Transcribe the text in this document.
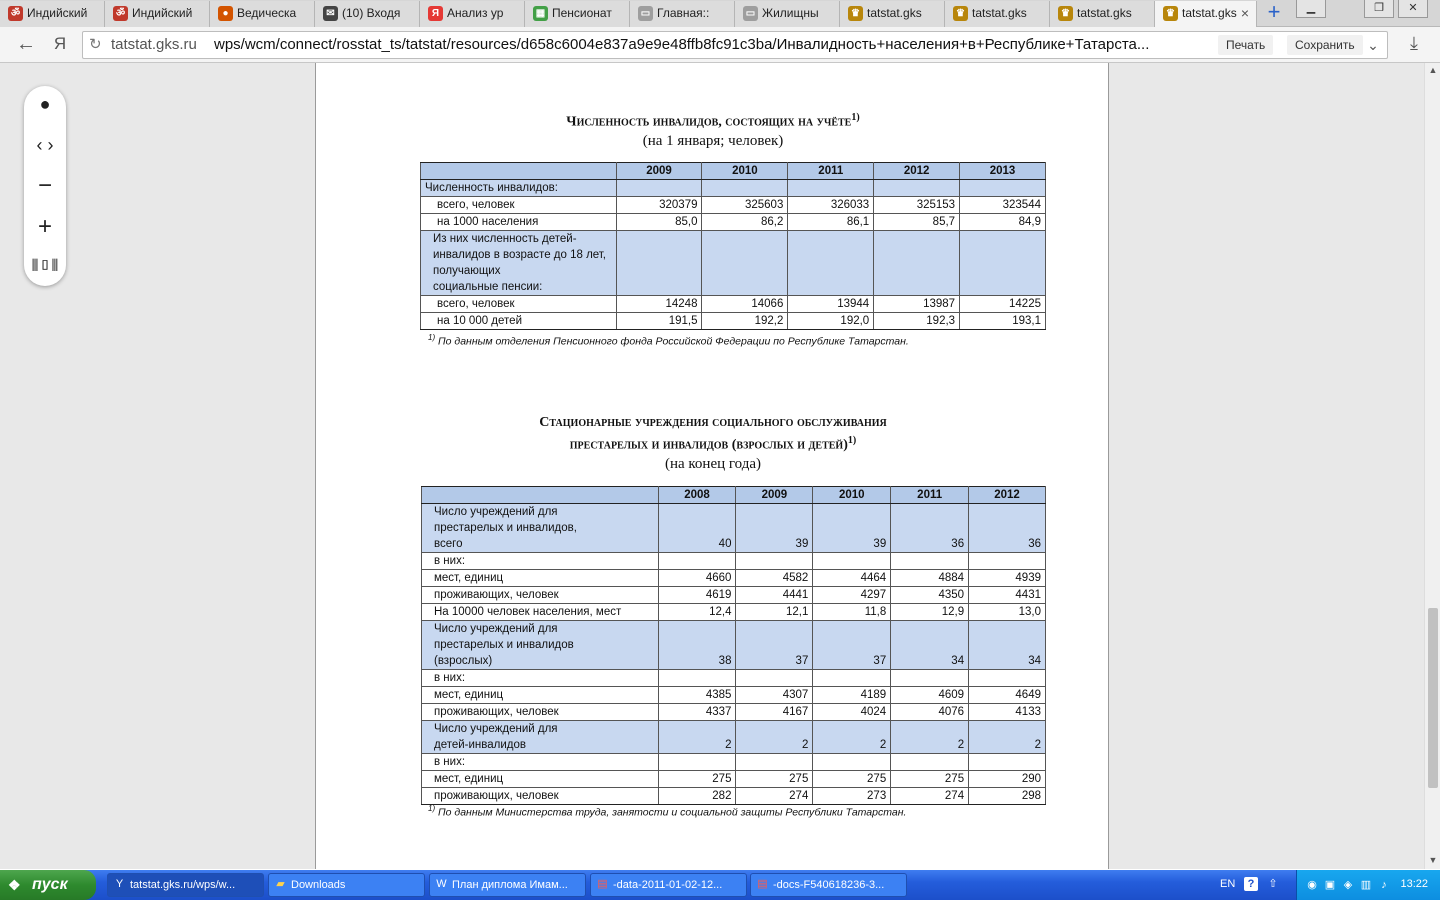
ॐ Индийский	ॐ Индийский	● Ведическа	✉ (10) Входя	Я Анализ ур	▦ Пенсионат	▭ Главная::	▭ Жилищны	♛ tatstat.gks	♛ tatstat.gks	♛ tatstat.gks	♛ tatstat.gks × +	▁	❐	✕
←	Я	↻ tatstat.gks.ru wps/wcm/connect/rosstat_ts/tatstat/resources/d658c6004e837a9e9e48ffb8fc91c3ba/Инвалидность+населения+в+Республике+Татарста...	Печать	Сохранить ⌄	⤓
Численность инвалидов, состоящих на учёте$^{1)}$
(на 1 января; человек)
	2009	2010	2011	2012	2013

Численность инвалидов:					

всего, человек	320379	325603	326033	325153	323544

на 1000 населения	85,0	86,2	86,1	85,7	84,9

Из них численность детей-
инвалидов в возрасте до 18 лет,
получающих
социальные пенсии:					

всего, человек	14248	14066	13944	13987	14225

на 10 000 детей	191,5	192,2	192,0	192,3	193,1
$^{1)}$ По данным отделения Пенсионного фонда Российской Федерации по Республике Татарстан.
Стационарные учреждения социального обслуживания
престарелых и инвалидов (взрослых и детей)$^{1)}$
(на конец года)
	2008	2009	2010	2011	2012

Число учреждений для
престарелых и инвалидов,
всего	40	39	39	36	36

в них:					

мест, единиц	4660	4582	4464	4884	4939

проживающих, человек	4619	4441	4297	4350	4431

На 10000 человек населения, мест	12,4	12,1	11,8	12,9	13,0

Число учреждений для
престарелых и инвалидов
(взрослых)	38	37	37	34	34

в них:					

мест, единиц	4385	4307	4189	4609	4649

проживающих, человек	4337	4167	4024	4076	4133

Число учреждений для
детей-инвалидов	2	2	2	2	2

в них:					

мест, единиц	275	275	275	275	290

проживающих, человек	282	274	273	274	298
$^{1)}$ По данным Министерства труда, занятости и социальной защиты Республики Татарстан.
●
‹ ›
−
+
⦀▯⦀
▲
▼
❖ пуск	Y tatstat.gks.ru/wps/w...	▰ Downloads	W План диплома Имам...	▤ -data-2011-01-02-12...	▤ -docs-F540618236-3...	EN	?	⇧	◉ ▣ ◈ ▥ ♪	13:22
